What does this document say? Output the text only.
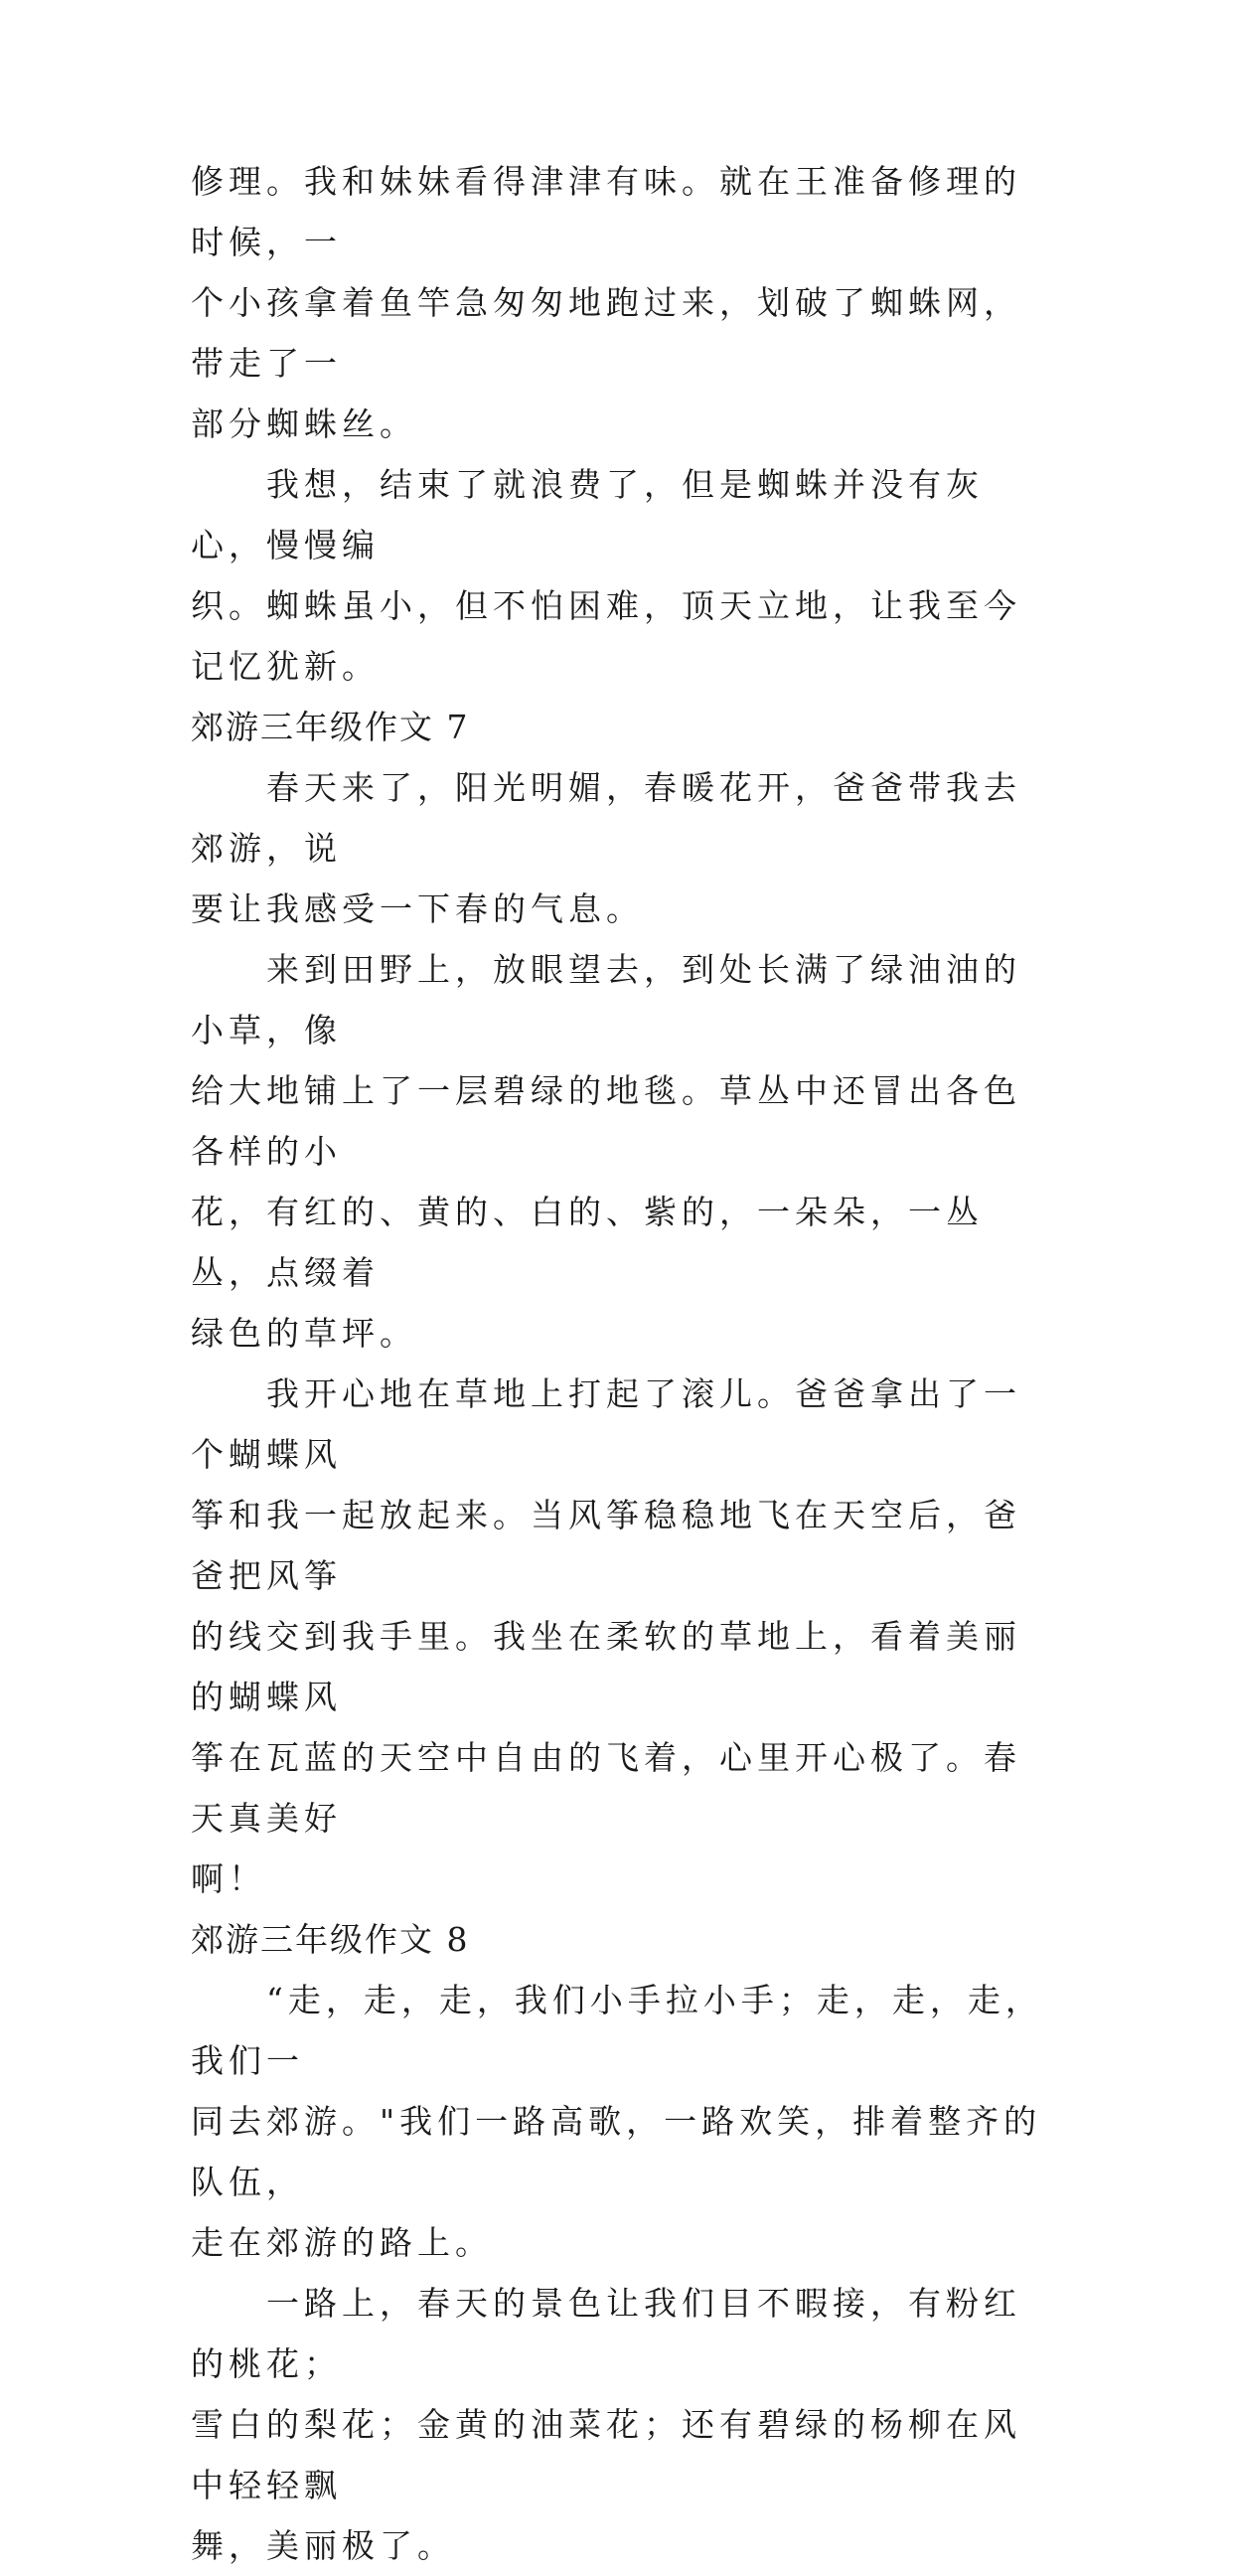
修理。我和妹妹看得津津有味。就在王准备修理的时候，一
个小孩拿着鱼竿急匆匆地跑过来，划破了蜘蛛网，带走了一
部分蜘蛛丝。

　　我想，结束了就浪费了，但是蜘蛛并没有灰心，慢慢编
织。蜘蛛虽小，但不怕困难，顶天立地，让我至今记忆犹新。

郊游三年级作文 7

　　春天来了，阳光明媚，春暖花开，爸爸带我去郊游，说
要让我感受一下春的气息。

　　来到田野上，放眼望去，到处长满了绿油油的小草，像
给大地铺上了一层碧绿的地毯。草丛中还冒出各色各样的小
花，有红的、黄的、白的、紫的，一朵朵，一丛丛，点缀着
绿色的草坪。

　　我开心地在草地上打起了滚儿。爸爸拿出了一个蝴蝶风
筝和我一起放起来。当风筝稳稳地飞在天空后，爸爸把风筝
的线交到我手里。我坐在柔软的草地上，看着美丽的蝴蝶风
筝在瓦蓝的天空中自由的飞着，心里开心极了。春天真美好
啊！

郊游三年级作文 8

　　“走，走，走，我们小手拉小手；走，走，走，我们一
同去郊游。"我们一路高歌，一路欢笑，排着整齐的队伍，
走在郊游的路上。

　　一路上，春天的景色让我们目不暇接，有粉红的桃花；
雪白的梨花；金黄的油菜花；还有碧绿的杨柳在风中轻轻飘
舞，美丽极了。
